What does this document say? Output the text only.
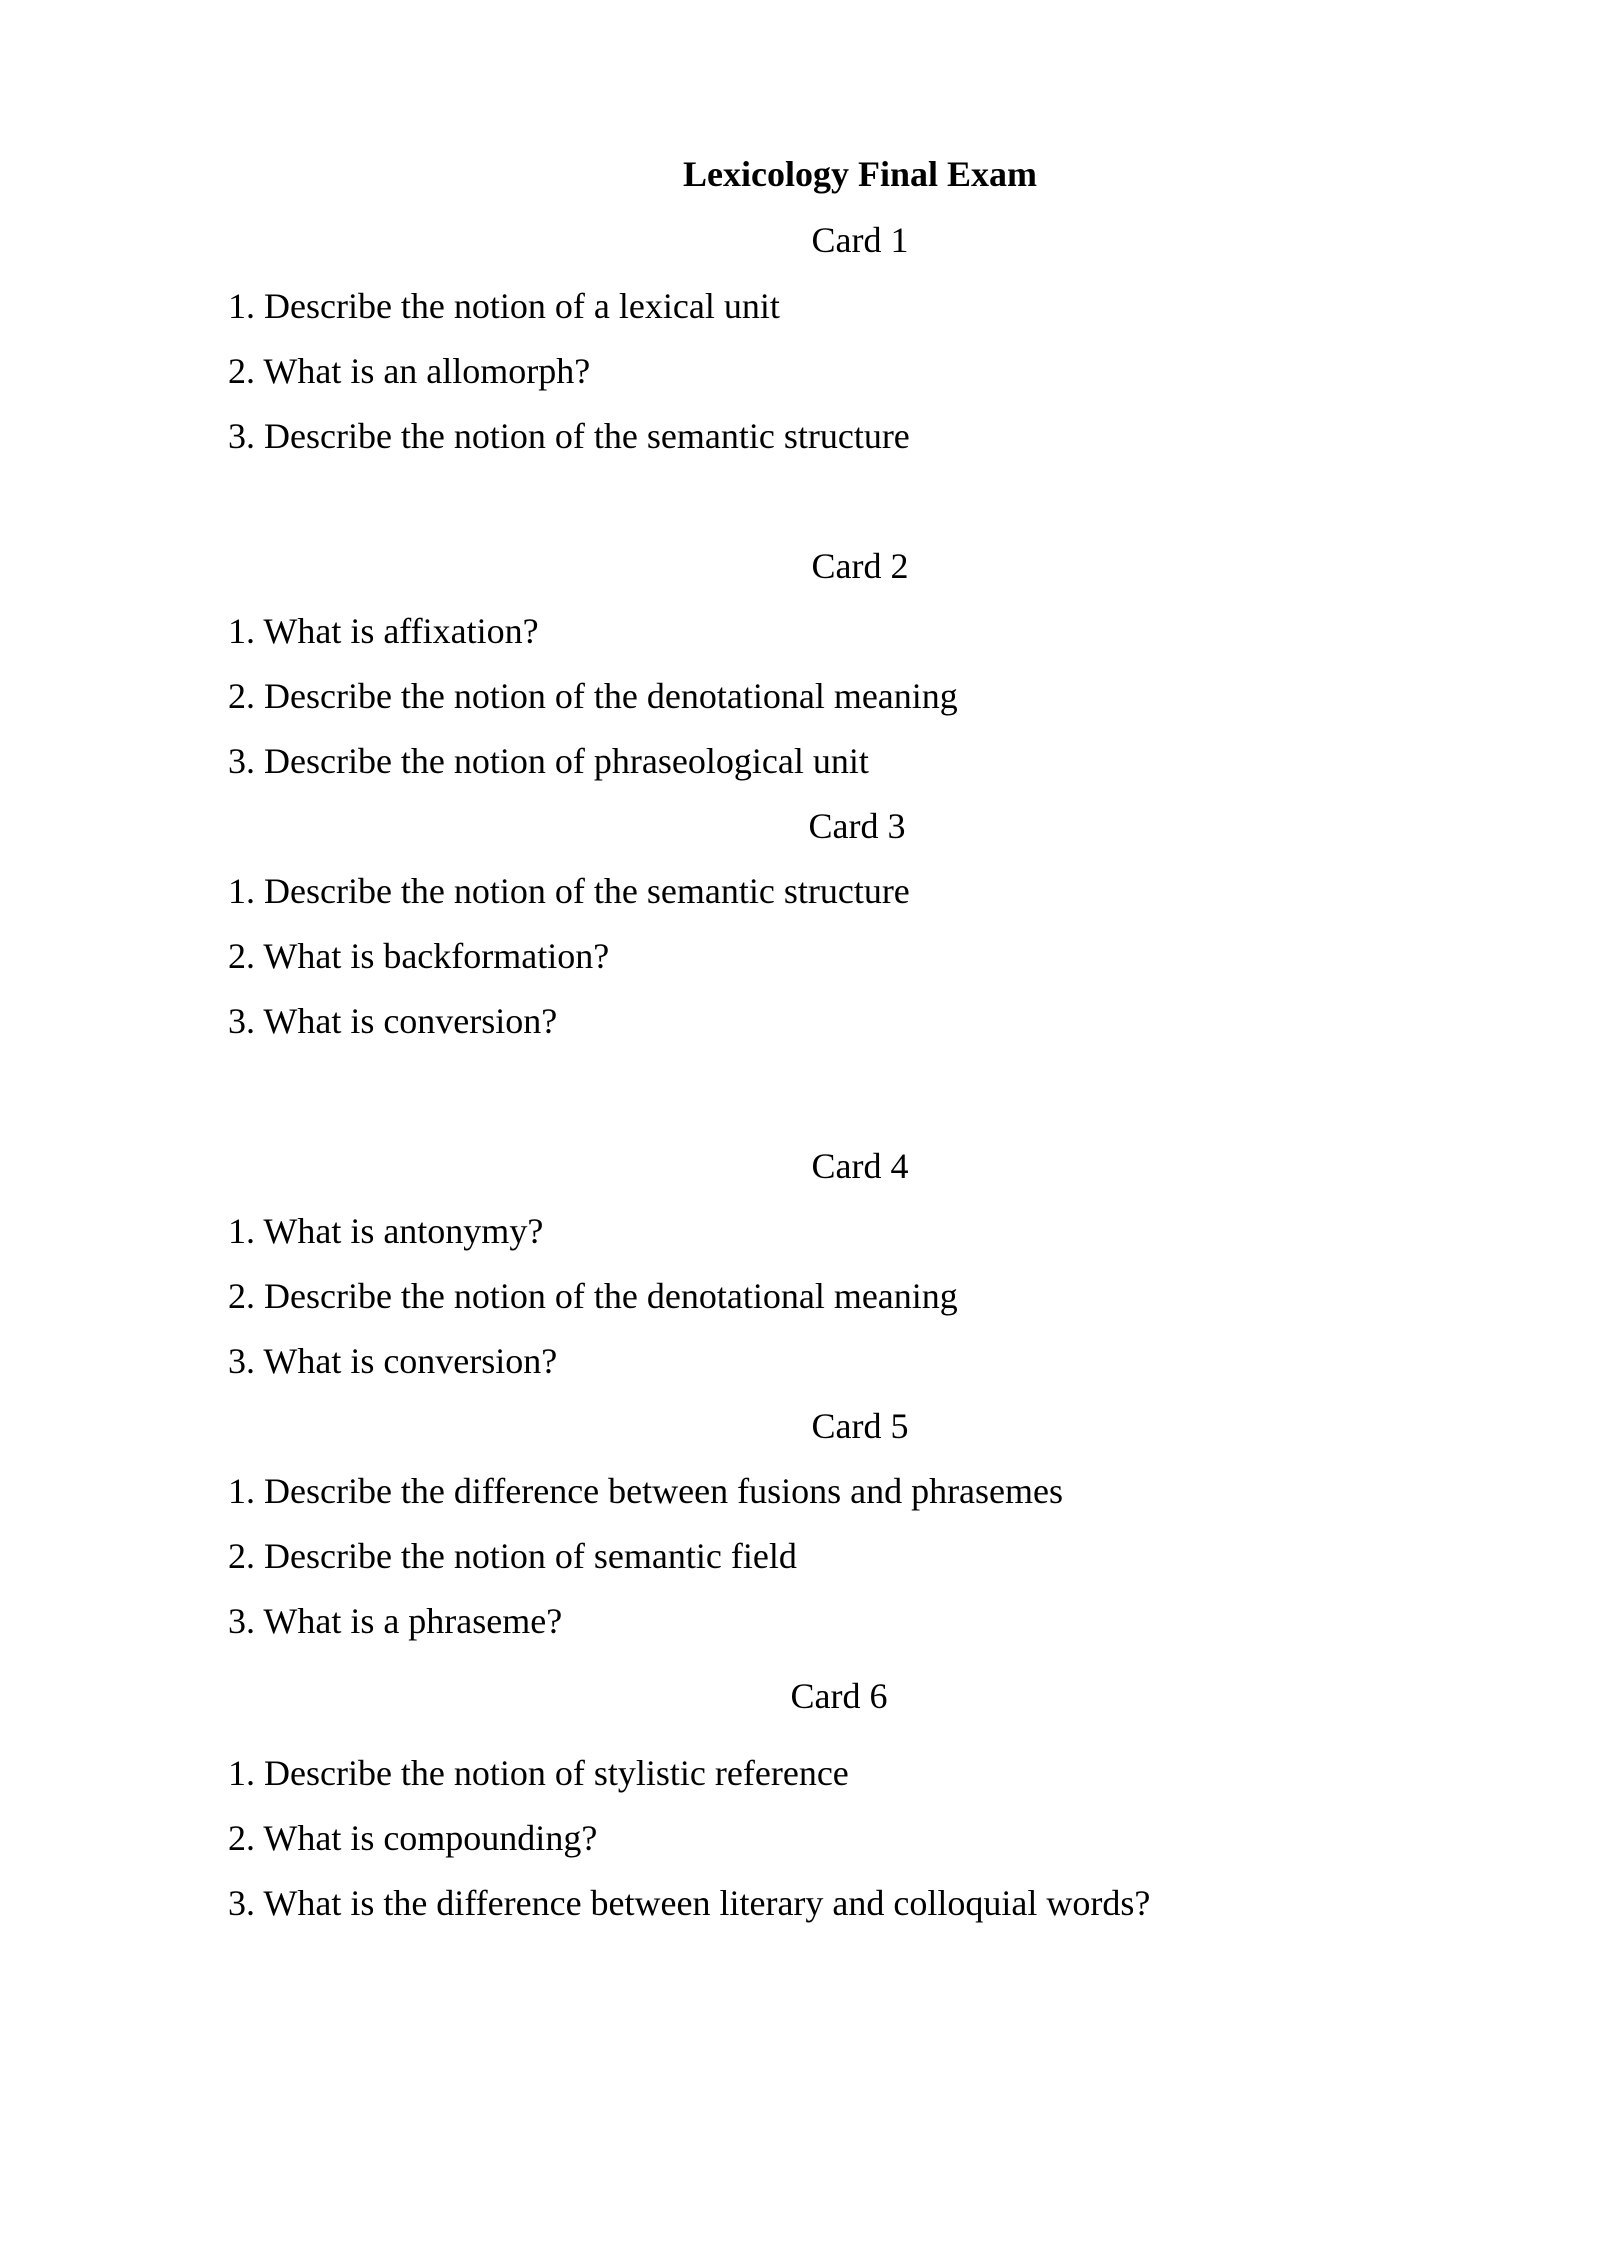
Lexicology Final Exam
Card 1
1. Describe the notion of a lexical unit
2. What is an allomorph?
3. Describe the notion of the semantic structure
Card 2
1. What is affixation?
2. Describe the notion of the denotational meaning
3. Describe the notion of phraseological unit
Card 3
1. Describe the notion of the semantic structure
2. What is backformation?
3. What is conversion?
Card 4
1. What is antonymy?
2. Describe the notion of the denotational meaning
3. What is conversion?
Card 5
1. Describe the difference between fusions and phrasemes
2. Describe the notion of semantic field
3. What is a phraseme?
Card 6
1. Describe the notion of stylistic reference
2. What is compounding?
3. What is the difference between literary and colloquial words?
